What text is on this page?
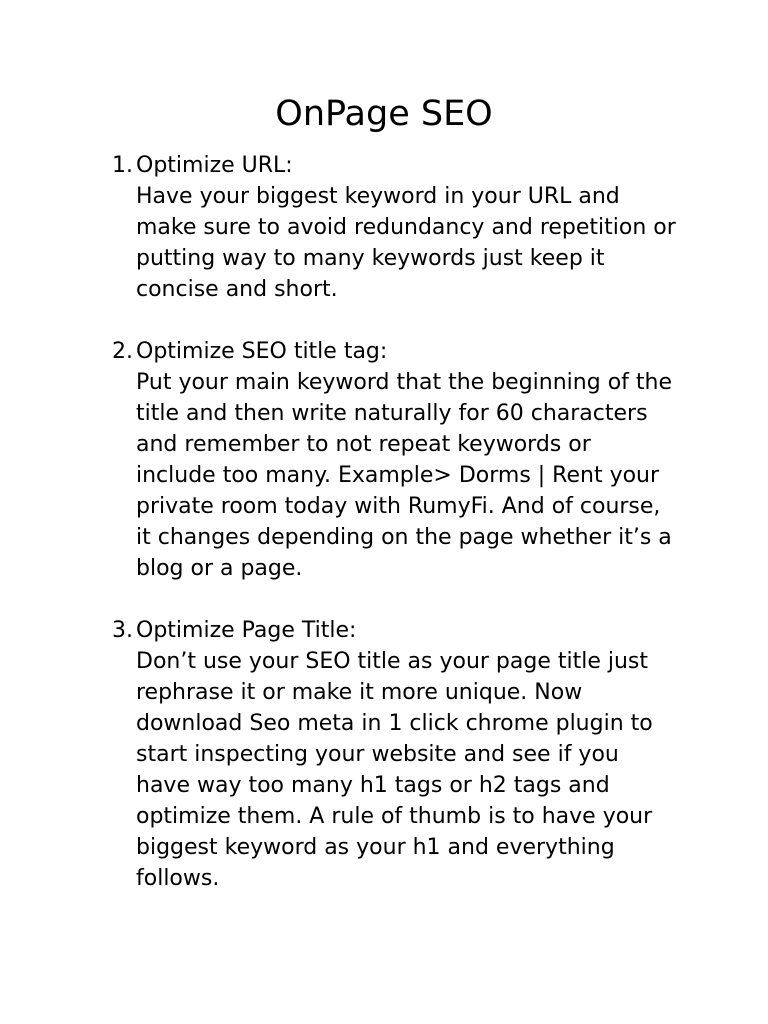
OnPage SEO
1. Optimize URL:
Have your biggest keyword in your URL and make sure to avoid redundancy and repetition or putting way to many keywords just keep it concise and short.
2. Optimize SEO title tag:
Put your main keyword that the beginning of the title and then write naturally for 60 characters and remember to not repeat keywords or include too many. Example> Dorms | Rent your private room today with RumyFi. And of course, it changes depending on the page whether it’s a blog or a page.
3. Optimize Page Title:
Don’t use your SEO title as your page title just rephrase it or make it more unique. Now download Seo meta in 1 click chrome plugin to start inspecting your website and see if you have way too many h1 tags or h2 tags and optimize them. A rule of thumb is to have your biggest keyword as your h1 and everything follows.
